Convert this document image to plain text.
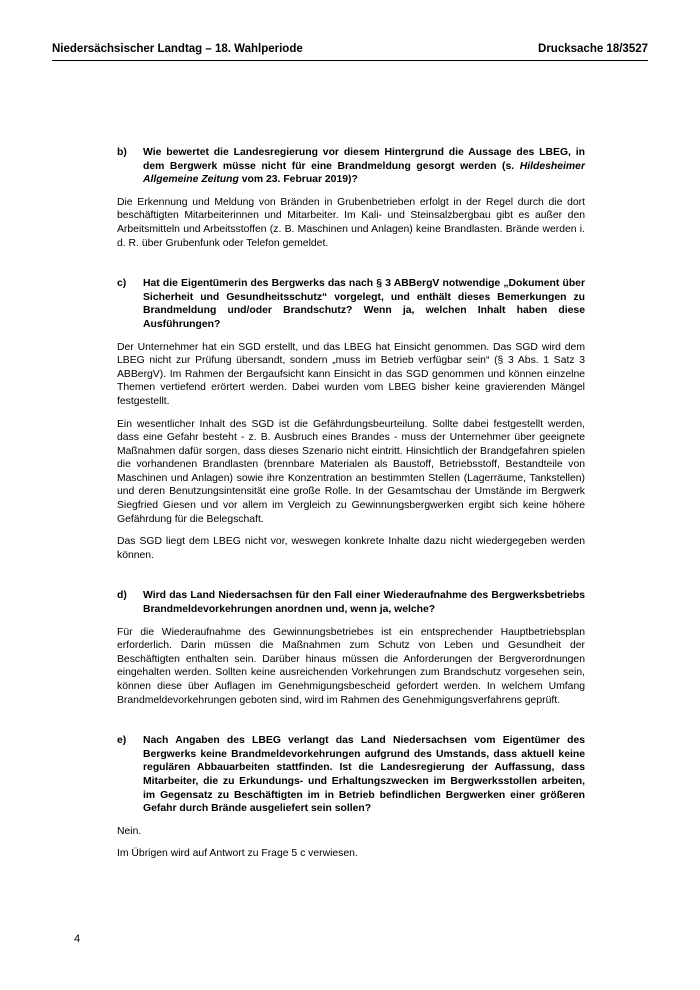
Niedersächsischer Landtag – 18. Wahlperiode	Drucksache 18/3527
b)	Wie bewertet die Landesregierung vor diesem Hintergrund die Aussage des LBEG, in dem Bergwerk müsse nicht für eine Brandmeldung gesorgt werden (s. Hildesheimer Allgemeine Zeitung vom 23. Februar 2019)?

Die Erkennung und Meldung von Bränden in Grubenbetrieben erfolgt in der Regel durch die dort beschäftigten Mitarbeiterinnen und Mitarbeiter. Im Kali- und Steinsalzbergbau gibt es außer den Arbeitsmitteln und Arbeitsstoffen (z. B. Maschinen und Anlagen) keine Brandlasten. Brände werden i. d. R. über Grubenfunk oder Telefon gemeldet.

c)	Hat die Eigentümerin des Bergwerks das nach § 3 ABBergV notwendige „Dokument über Sicherheit und Gesundheitsschutz“ vorgelegt, und enthält dieses Bemerkungen zu Brandmeldung und/oder Brandschutz? Wenn ja, welchen Inhalt haben diese Ausführungen?

Der Unternehmer hat ein SGD erstellt, und das LBEG hat Einsicht genommen. Das SGD wird dem LBEG nicht zur Prüfung übersandt, sondern „muss im Betrieb verfügbar sein“ (§ 3 Abs. 1 Satz 3 ABBergV). Im Rahmen der Bergaufsicht kann Einsicht in das SGD genommen und können einzelne Themen vertiefend erörtert werden. Dabei wurden vom LBEG bisher keine gravierenden Mängel festgestellt.

Ein wesentlicher Inhalt des SGD ist die Gefährdungsbeurteilung. Sollte dabei festgestellt werden, dass eine Gefahr besteht - z. B. Ausbruch eines Brandes - muss der Unternehmer über geeignete Maßnahmen dafür sorgen, dass dieses Szenario nicht eintritt. Hinsichtlich der Brandgefahren spielen die vorhandenen Brandlasten (brennbare Materialen als Baustoff, Betriebsstoff, Bestandteile von Maschinen und Anlagen) sowie ihre Konzentration an bestimmten Stellen (Lagerräume, Tankstellen) und deren Benutzungsintensität eine große Rolle. In der Gesamtschau der Umstände im Bergwerk Siegfried Giesen und vor allem im Vergleich zu Gewinnungsbergwerken ergibt sich keine höhere Gefährdung für die Belegschaft.

Das SGD liegt dem LBEG nicht vor, weswegen konkrete Inhalte dazu nicht wiedergegeben werden können.

d)	Wird das Land Niedersachsen für den Fall einer Wiederaufnahme des Bergwerksbetriebs Brandmeldevorkehrungen anordnen und, wenn ja, welche?

Für die Wiederaufnahme des Gewinnungsbetriebes ist ein entsprechender Hauptbetriebsplan erforderlich. Darin müssen die Maßnahmen zum Schutz von Leben und Gesundheit der Beschäftigten enthalten sein. Darüber hinaus müssen die Anforderungen der Bergverordnungen eingehalten werden. Sollten keine ausreichenden Vorkehrungen zum Brandschutz vorgesehen sein, können diese über Auflagen im Genehmigungsbescheid gefordert werden. In welchem Umfang Brandmeldevorkehrungen geboten sind, wird im Rahmen des Genehmigungsverfahrens geprüft.

e)	Nach Angaben des LBEG verlangt das Land Niedersachsen vom Eigentümer des Bergwerks keine Brandmeldevorkehrungen aufgrund des Umstands, dass aktuell keine regulären Abbauarbeiten stattfinden. Ist die Landesregierung der Auffassung, dass Mitarbeiter, die zu Erkundungs- und Erhaltungszwecken im Bergwerksstollen arbeiten, im Gegensatz zu Beschäftigten im in Betrieb befindlichen Bergwerken einer größeren Gefahr durch Brände ausgeliefert sein sollen?

Nein.

Im Übrigen wird auf Antwort zu Frage 5 c verwiesen.

4
